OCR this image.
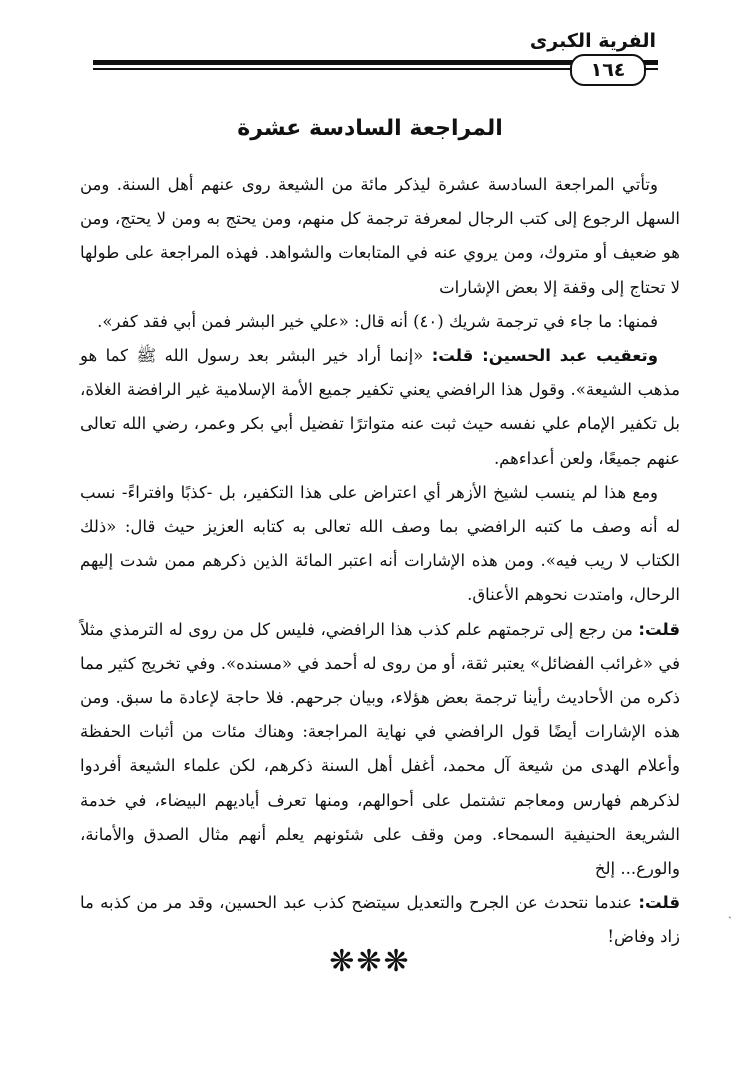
الفرية الكبرى
١٦٤
المراجعة السادسة عشرة

وتأتي المراجعة السادسة عشرة ليذكر مائة من الشيعة روى عنهم أهل السنة. ومن السهل الرجوع إلى كتب الرجال لمعرفة ترجمة كل منهم، ومن يحتج به ومن لا يحتج، ومن هو ضعيف أو متروك، ومن يروي عنه في المتابعات والشواهد. فهذه المراجعة على طولها لا تحتاج إلى وقفة إلا بعض الإشارات

فمنها: ما جاء في ترجمة شريك (٤٠) أنه قال: «علي خير البشر فمن أبي فقد كفر».

وتعقيب عبد الحسين: قلت: «إنما أراد خير البشر بعد رسول الله ﷺ كما هو مذهب الشيعة». وقول هذا الرافضي يعني تكفير جميع الأمة الإسلامية غير الرافضة الغلاة، بل تكفير الإمام علي نفسه حيث ثبت عنه متواترًا تفضيل أبي بكر وعمر، رضي الله تعالى عنهم جميعًا، ولعن أعداءهم.

ومع هذا لم ينسب لشيخ الأزهر أي اعتراض على هذا التكفير، بل -كذبًا وافتراءً- نسب له أنه وصف ما كتبه الرافضي بما وصف الله تعالى به كتابه العزيز حيث قال: «ذلك الكتاب لا ريب فيه». ومن هذه الإشارات أنه اعتبر المائة الذين ذكرهم ممن شدت إليهم الرحال، وامتدت نحوهم الأعناق.

قلت: من رجع إلى ترجمتهم علم كذب هذا الرافضي، فليس كل من روى له الترمذي مثلاً في «غرائب الفضائل» يعتبر ثقة، أو من روى له أحمد في «مسنده». وفي تخريج كثير مما ذكره من الأحاديث رأينا ترجمة بعض هؤلاء، وبيان جرحهم. فلا حاجة لإعادة ما سبق. ومن هذه الإشارات أيضًا قول الرافضي في نهاية المراجعة: وهناك مئات من أثبات الحفظة وأعلام الهدى من شيعة آل محمد، أغفل أهل السنة ذكرهم، لكن علماء الشيعة أفردوا لذكرهم فهارس ومعاجم تشتمل على أحوالهم، ومنها تعرف أياديهم البيضاء، في خدمة الشريعة الحنيفية السمحاء. ومن وقف على شئونهم يعلم أنهم مثال الصدق والأمانة، والورع... إلخ

قلت: عندما نتحدث عن الجرح والتعديل سيتضح كذب عبد الحسين، وقد مر من كذبه ما زاد وفاض!

❋❋❋
ˎ
